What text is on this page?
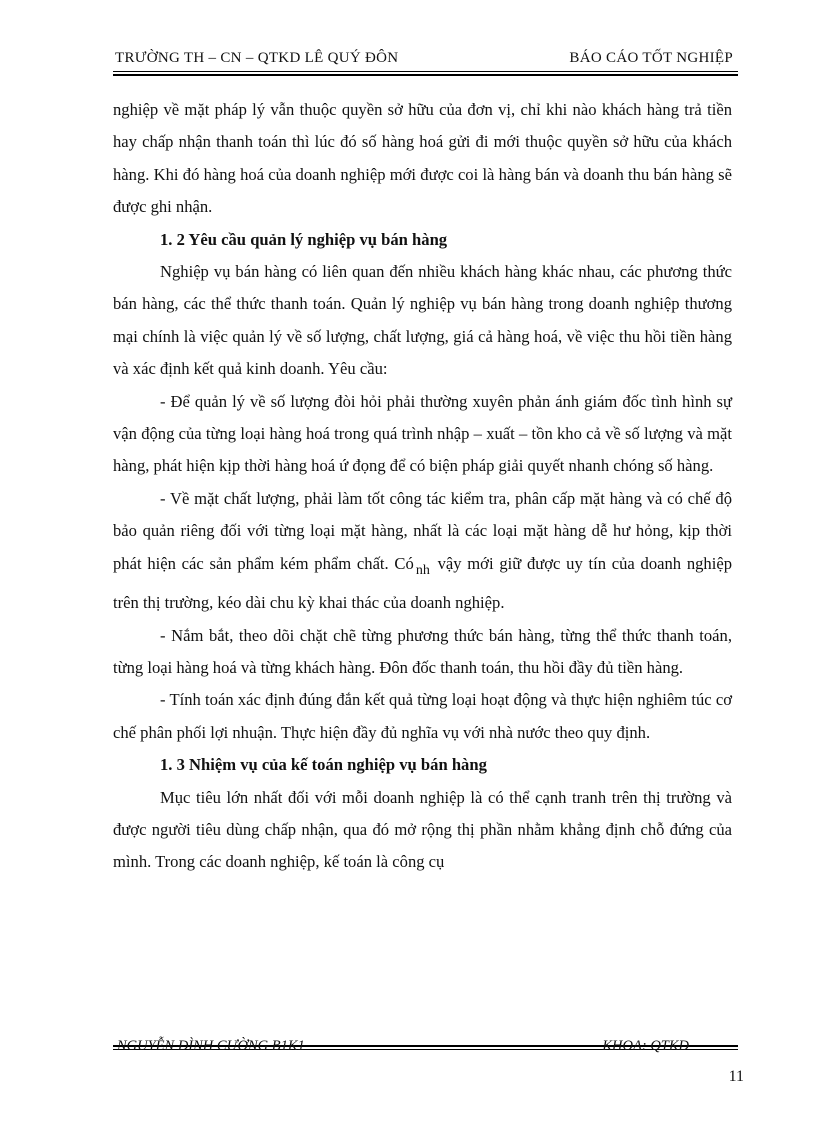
TRƯỜNG TH – CN – QTKD LÊ QUÝ ĐÔN	BÁO CÁO TỐT NGHIỆP

nghiệp về mặt pháp lý vẫn thuộc quyền sở hữu của đơn vị, chỉ khi nào khách hàng trả tiền hay chấp nhận thanh toán thì lúc đó số hàng hoá gửi đi mới thuộc quyền sở hữu của khách hàng. Khi đó hàng hoá của doanh nghiệp mới được coi là hàng bán và doanh thu bán hàng sẽ được ghi nhận.

1. 2 Yêu cầu quản lý nghiệp vụ bán hàng

Nghiệp vụ bán hàng có liên quan đến nhiều khách hàng khác nhau, các phương thức bán hàng, các thể thức thanh toán. Quản lý nghiệp vụ bán hàng trong doanh nghiệp thương mại chính là việc quản lý về số lượng, chất lượng, giá cả hàng hoá, về việc thu hồi tiền hàng và xác định kết quả kinh doanh. Yêu cầu:

- Để quản lý về số lượng đòi hỏi phải thường xuyên phản ánh giám đốc tình hình sự vận động của từng loại hàng hoá trong quá trình nhập – xuất – tồn kho cả về số lượng và mặt hàng, phát hiện kịp thời hàng hoá ứ đọng để có biện pháp giải quyết nhanh chóng số hàng.

- Về mặt chất lượng, phải làm tốt công tác kiểm tra, phân cấp mặt hàng và có chế độ bảo quản riêng đối với từng loại mặt hàng, nhất là các loại mặt hàng dễ hư hỏng, kịp thời phát hiện các sản phẩm kém phẩm chất. Có $_{nh}$ vậy mới giữ được uy tín của doanh nghiệp trên thị trường, kéo dài chu kỳ khai thác của doanh nghiệp.

- Nắm bắt, theo dõi chặt chẽ từng phương thức bán hàng, từng thể thức thanh toán, từng loại hàng hoá và từng khách hàng. Đôn đốc thanh toán, thu hồi đầy đủ tiền hàng.

- Tính toán xác định đúng đắn kết quả từng loại hoạt động và thực hiện nghiêm túc cơ chế phân phối lợi nhuận. Thực hiện đầy đủ nghĩa vụ với nhà nước theo quy định.

1. 3 Nhiệm vụ của kế toán nghiệp vụ bán hàng

Mục tiêu lớn nhất đối với mỗi doanh nghiệp là có thể cạnh tranh trên thị trường và được người tiêu dùng chấp nhận, qua đó mở rộng thị phần nhằm khẳng định chỗ đứng của mình. Trong các doanh nghiệp, kế toán là công cụ

NGUYỄN ĐÌNH CƯỜNG B1K1	KHOA: QTKD
11
